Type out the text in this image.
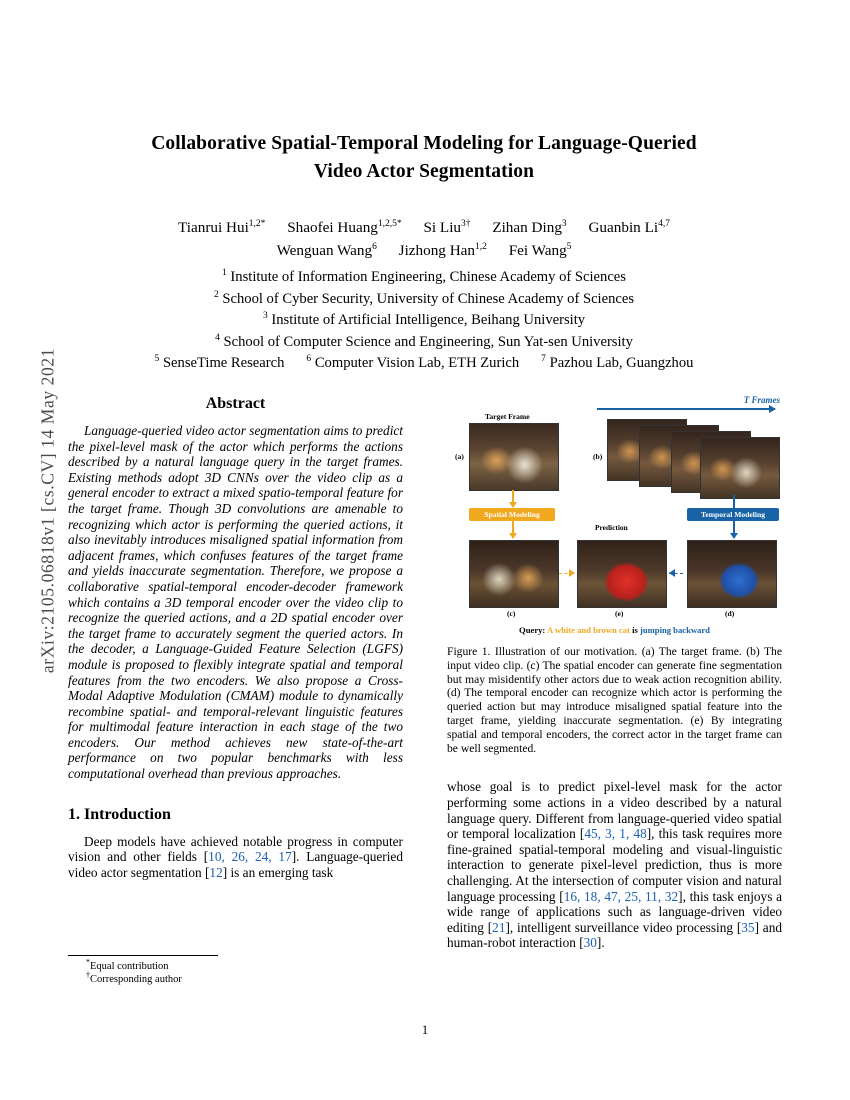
arXiv:2105.06818v1 [cs.CV] 14 May 2021
Collaborative Spatial-Temporal Modeling for Language-Queried
Video Actor Segmentation
Tianrui Hui$^{1,2*}$ Shaofei Huang$^{1,2,5*}$ Si Liu$^{3\dagger}$ Zihan Ding$^3$ Guanbin Li$^{4,7}$
Wenguan Wang$^6$ Jizhong Han$^{1,2}$ Fei Wang$^5$
$^1$ Institute of Information Engineering, Chinese Academy of Sciences
$^2$ School of Cyber Security, University of Chinese Academy of Sciences
$^3$ Institute of Artificial Intelligence, Beihang University
$^4$ School of Computer Science and Engineering, Sun Yat-sen University
$^5$ SenseTime Research $^6$ Computer Vision Lab, ETH Zurich $^7$ Pazhou Lab, Guangzhou
Abstract

Language-queried video actor segmentation aims to predict the pixel-level mask of the actor which performs the actions described by a natural language query in the target frames. Existing methods adopt 3D CNNs over the video clip as a general encoder to extract a mixed spatio-temporal feature for the target frame. Though 3D convolutions are amenable to recognizing which actor is performing the queried actions, it also inevitably introduces misaligned spatial information from adjacent frames, which confuses features of the target frame and yields inaccurate segmentation. Therefore, we propose a collaborative spatial-temporal encoder-decoder framework which contains a 3D temporal encoder over the video clip to recognize the queried actions, and a 2D spatial encoder over the target frame to accurately segment the queried actors. In the decoder, a Language-Guided Feature Selection (LGFS) module is proposed to flexibly integrate spatial and temporal features from the two encoders. We also propose a Cross-Modal Adaptive Modulation (CMAM) module to dynamically recombine spatial- and temporal-relevant linguistic features for multimodal feature interaction in each stage of the two encoders. Our method achieves new state-of-the-art performance on two popular benchmarks with less computational overhead than previous approaches.

1. Introduction

Deep models have achieved notable progress in computer vision and other fields [10, 26, 24, 17]. Language-queried video actor segmentation [12] is an emerging task

T Frames
Target Frame
(a)	(b)
Spatial Modeling	Temporal Modeling
Prediction
(c)	(e)	(d)
Query: A white and brown cat is jumping backward
Figure 1. Illustration of our motivation. (a) The target frame. (b) The input video clip. (c) The spatial encoder can generate fine segmentation but may misidentify other actors due to weak action recognition ability. (d) The temporal encoder can recognize which actor is performing the queried action but may introduce misaligned spatial feature into the target frame, yielding inaccurate segmentation. (e) By integrating spatial and temporal encoders, the correct actor in the target frame can be well segmented.

whose goal is to predict pixel-level mask for the actor performing some actions in a video described by a natural language query. Different from language-queried video spatial or temporal localization [45, 3, 1, 48], this task requires more fine-grained spatial-temporal modeling and visual-linguistic interaction to generate pixel-level prediction, thus is more challenging. At the intersection of computer vision and natural language processing [16, 18, 47, 25, 11, 32], this task enjoys a wide range of applications such as language-driven video editing [21], intelligent surveillance video processing [35] and human-robot interaction [30].

*Equal contribution
†Corresponding author
1
